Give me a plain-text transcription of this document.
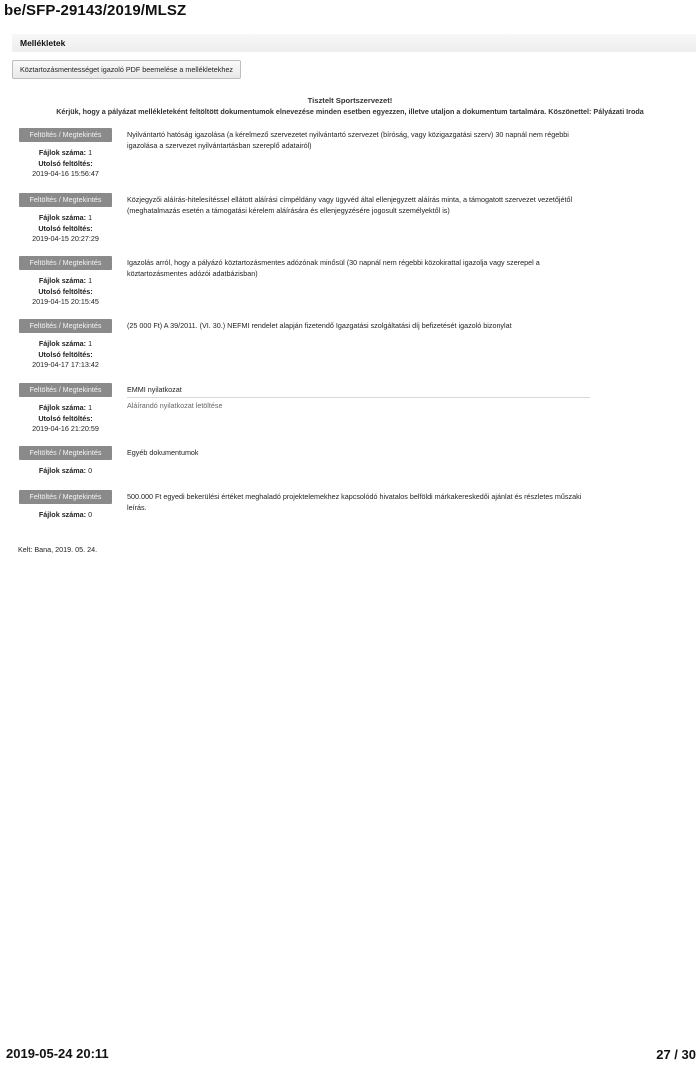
be/SFP-29143/2019/MLSZ
Mellékletek
Köztartozásmentességet igazoló PDF beemelése a mellékletekhez
Tisztelt Sportszervezet!
Kérjük, hogy a pályázat mellékleteként feltöltött dokumentumok elnevezése minden esetben egyezzen, illetve utaljon a dokumentum tartalmára. Köszönettel: Pályázati Iroda
Feltöltés / Megtekintés
Fájlok száma: 1
Utolsó feltöltés:
2019-04-16 15:56:47
Nyilvántartó hatóság igazolása (a kérelmező szervezetet nyilvántartó szervezet (bíróság, vagy közigazgatási szerv) 30 napnál nem régebbi igazolása a szervezet nyilvántartásban szereplő adatairól)
Feltöltés / Megtekintés
Fájlok száma: 1
Utolsó feltöltés:
2019-04-15 20:27:29
Közjegyzői aláírás-hitelesítéssel ellátott aláírási címpéldány vagy ügyvéd által ellenjegyzett aláírás minta, a támogatott szervezet vezetőjétől (meghatalmazás esetén a támogatási kérelem aláírására és ellenjegyzésére jogosult személyektől is)
Feltöltés / Megtekintés
Fájlok száma: 1
Utolsó feltöltés:
2019-04-15 20:15:45
Igazolás arról, hogy a pályázó köztartozásmentes adózónak minősül (30 napnál nem régebbi közokirattal igazolja vagy szerepel a köztartozásmentes adózói adatbázisban)
Feltöltés / Megtekintés
Fájlok száma: 1
Utolsó feltöltés:
2019-04-17 17:13:42
(25 000 Ft) A 39/2011. (VI. 30.) NEFMI rendelet alapján fizetendő Igazgatási szolgáltatási díj befizetését igazoló bizonylat
Feltöltés / Megtekintés
Fájlok száma: 1
Utolsó feltöltés:
2019-04-16 21:20:59
EMMI nyilatkozat
Aláírandó nyilatkozat letöltése
Feltöltés / Megtekintés
Fájlok száma: 0
Egyéb dokumentumok
Feltöltés / Megtekintés
Fájlok száma: 0
500.000 Ft egyedi bekerülési értéket meghaladó projektelemekhez kapcsolódó hivatalos belföldi márkakereskedői ajánlat és részletes műszaki leírás.
Kelt: Bana, 2019. 05. 24.
2019-05-24 20:11	27 / 30
